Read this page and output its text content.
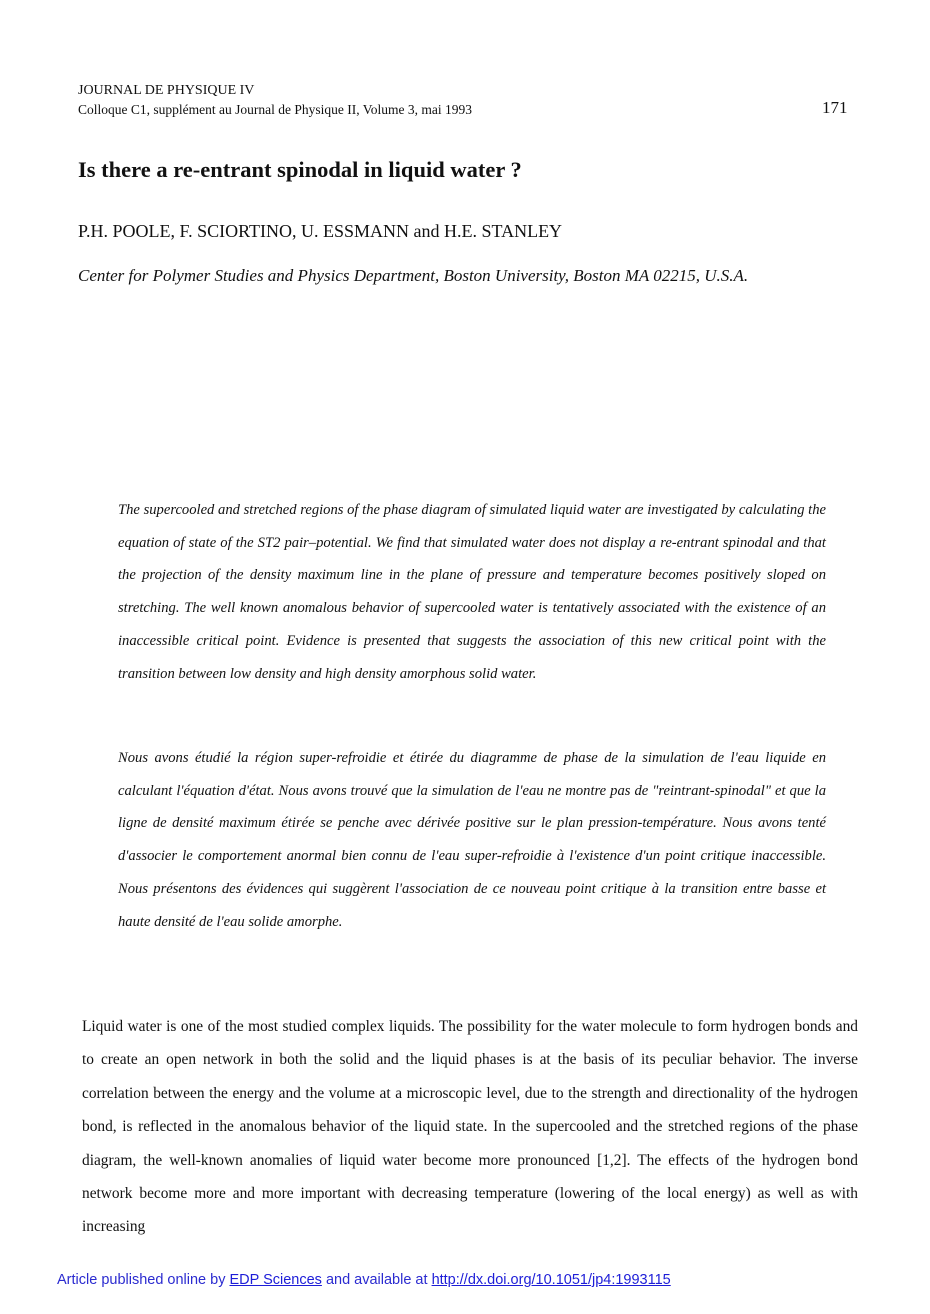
JOURNAL DE PHYSIQUE IV
Colloque C1, supplément au Journal de Physique II, Volume 3, mai 1993	171
Is there a re-entrant spinodal in liquid water ?
P.H. POOLE, F. SCIORTINO, U. ESSMANN and H.E. STANLEY
Center for Polymer Studies and Physics Department, Boston University, Boston MA 02215, U.S.A.

The supercooled and stretched regions of the phase diagram of simulated liquid water are investigated by calculating the equation of state of the ST2 pair–potential. We find that simulated water does not display a re-entrant spinodal and that the projection of the density maximum line in the plane of pressure and temperature becomes positively sloped on stretching. The well known anomalous behavior of supercooled water is tentatively associated with the existence of an inaccessible critical point. Evidence is presented that suggests the association of this new critical point with the transition between low density and high density amorphous solid water.

Nous avons étudié la région super-refroidie et étirée du diagramme de phase de la simulation de l'eau liquide en calculant l'équation d'état. Nous avons trouvé que la simulation de l'eau ne montre pas de "reintrant-spinodal" et que la ligne de densité maximum étirée se penche avec dérivée positive sur le plan pression-température. Nous avons tenté d'associer le comportement anormal bien connu de l'eau super-refroidie à l'existence d'un point critique inaccessible. Nous présentons des évidences qui suggèrent l'association de ce nouveau point critique à la transition entre basse et haute densité de l'eau solide amorphe.

Liquid water is one of the most studied complex liquids. The possibility for the water molecule to form hydrogen bonds and to create an open network in both the solid and the liquid phases is at the basis of its peculiar behavior. The inverse correlation between the energy and the volume at a microscopic level, due to the strength and directionality of the hydrogen bond, is reflected in the anomalous behavior of the liquid state. In the supercooled and the stretched regions of the phase diagram, the well-known anomalies of liquid water become more pronounced [1,2]. The effects of the hydrogen bond network become more and more important with decreasing temperature (lowering of the local energy) as well as with increasing

Article published online by EDP Sciences and available at http://dx.doi.org/10.1051/jp4:1993115
